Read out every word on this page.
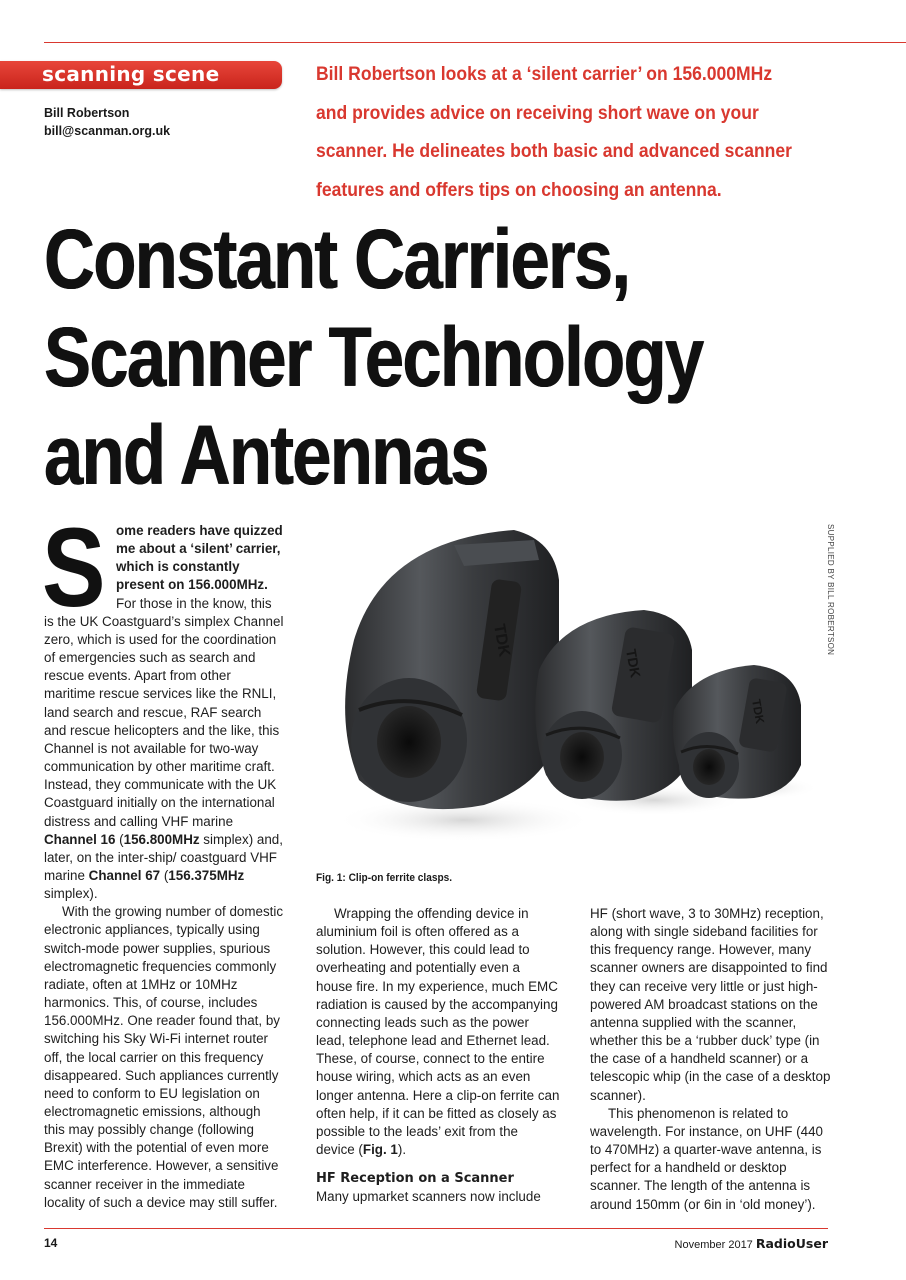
scanning scene
Bill Robertson
bill@scanman.org.uk
Bill Robertson looks at a ‘silent carrier’ on 156.000MHz and provides advice on receiving short wave on your scanner. He delineates both basic and advanced scanner features and offers tips on choosing an antenna.
Constant Carriers,
Scanner Technology
and Antennas
SUPPLIED BY BILL ROBERTSON
TDK
TDK
TDK
Fig. 1: Clip-on ferrite clasps.

Some readers have quizzed me about a ‘silent’ carrier, which is constantly present on 156.000MHz. For those in the know, this is the UK Coastguard’s simplex Channel zero, which is used for the coordination of emergencies such as search and rescue events. Apart from other maritime rescue services like the RNLI, land search and rescue, RAF search and rescue helicopters and the like, this Channel is not available for two-way communication by other maritime craft. Instead, they communicate with the UK Coastguard initially on the international distress and calling VHF marine Channel 16 (156.800MHz simplex) and, later, on the inter-ship/ coastguard VHF marine Channel 67 (156.375MHz simplex).

With the growing number of domestic electronic appliances, typically using switch-mode power supplies, spurious electromagnetic frequencies commonly radiate, often at 1MHz or 10MHz harmonics. This, of course, includes 156.000MHz. One reader found that, by switching his Sky Wi-Fi internet router off, the local carrier on this frequency disappeared. Such appliances currently need to conform to EU legislation on electromagnetic emissions, although this may possibly change (following Brexit) with the potential of even more EMC interference. However, a sensitive scanner receiver in the immediate locality of such a device may still suffer.

Wrapping the offending device in aluminium foil is often offered as a solution. However, this could lead to overheating and potentially even a house fire. In my experience, much EMC radiation is caused by the accompanying connecting leads such as the power lead, telephone lead and Ethernet lead. These, of course, connect to the entire house wiring, which acts as an even longer antenna. Here a clip-on ferrite can often help, if it can be fitted as closely as possible to the leads’ exit from the device (Fig. 1).

HF Reception on a Scanner

Many upmarket scanners now include

HF (short wave, 3 to 30MHz) reception, along with single sideband facilities for this frequency range. However, many scanner owners are disappointed to find they can receive very little or just high-powered AM broadcast stations on the antenna supplied with the scanner, whether this be a ‘rubber duck’ type (in the case of a handheld scanner) or a telescopic whip (in the case of a desktop scanner).

This phenomenon is related to wavelength. For instance, on UHF (440 to 470MHz) a quarter-wave antenna, is perfect for a handheld or desktop scanner. The length of the antenna is around 150mm (or 6in in ‘old money’).

14	November 2017 RadioUser
